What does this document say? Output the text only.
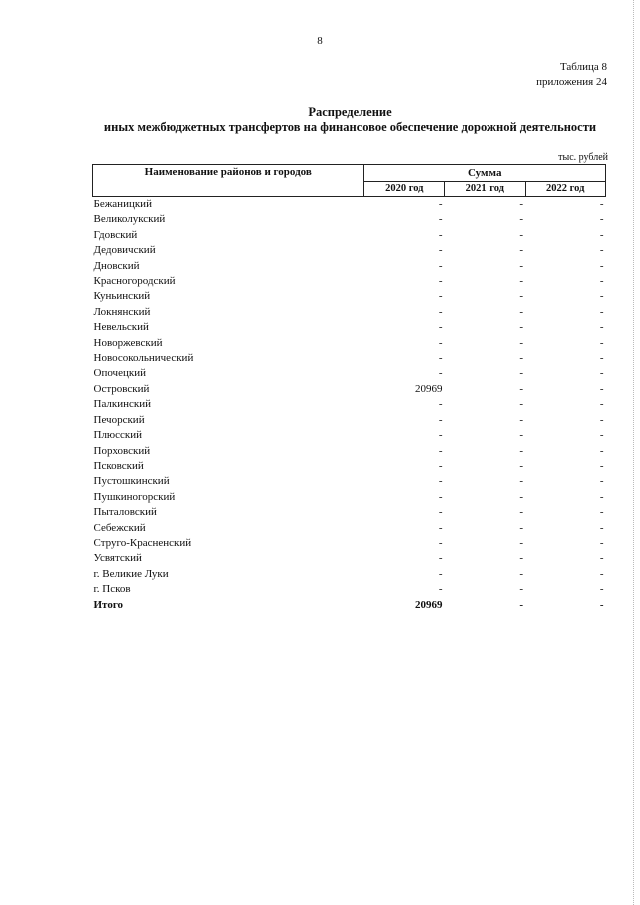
8
Таблица 8
приложения 24
Распределение
иных межбюджетных трансфертов на финансовое обеспечение дорожной деятельности
тыс. рублей
Наименование районов и городов	Сумма		
	2020 год	2021 год	2022 год
Бежаницкий	-	-	-
Великолукский	-	-	-
Гдовский	-	-	-
Дедовичский	-	-	-
Дновский	-	-	-
Красногородский	-	-	-
Куньинский	-	-	-
Локнянский	-	-	-
Невельский	-	-	-
Новоржевский	-	-	-
Новосокольнический	-	-	-
Опочецкий	-	-	-
Островский	20969	-	-
Палкинский	-	-	-
Печорский	-	-	-
Плюсский	-	-	-
Порховский	-	-	-
Псковский	-	-	-
Пустошкинский	-	-	-
Пушкиногорский	-	-	-
Пыталовский	-	-	-
Себежский	-	-	-
Струго-Красненский	-	-	-
Усвятский	-	-	-
г. Великие Луки	-	-	-
г. Псков	-	-	-
Итого	20969	-	-
